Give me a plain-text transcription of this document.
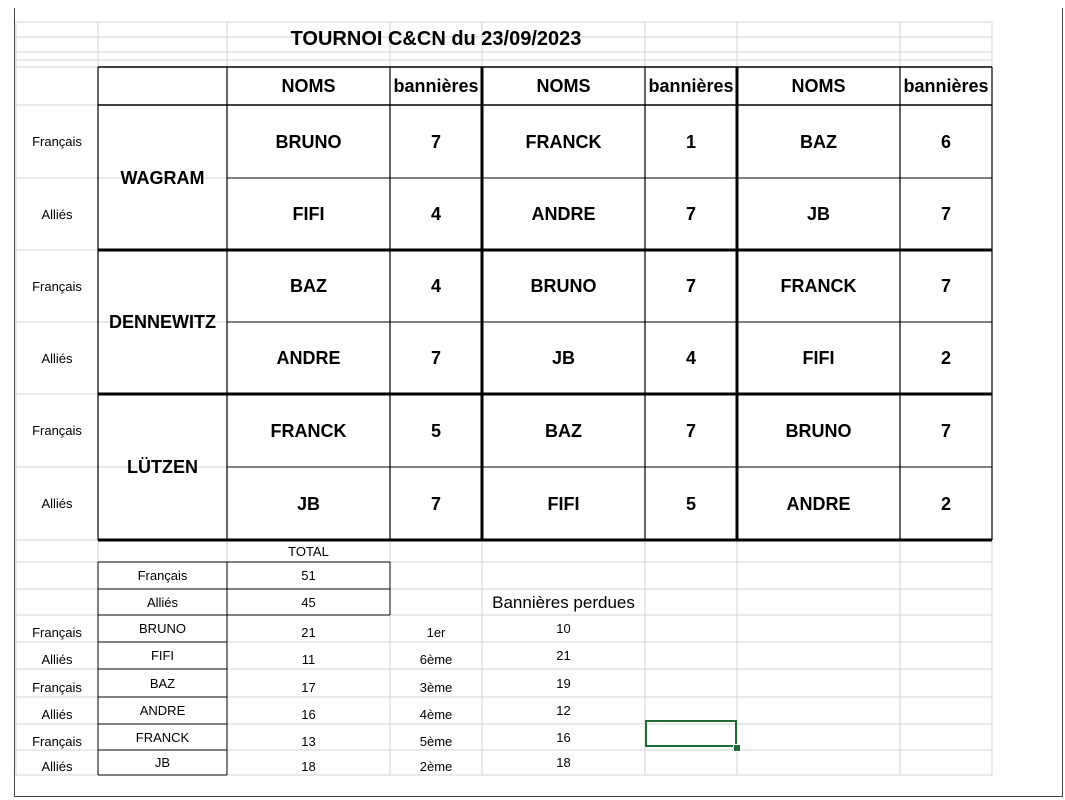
TOURNOI C&CN du 23/09/2023
NOMS	bannières	NOMS	bannières	NOMS	bannières
WAGRAM
Français	BRUNO	7	FRANCK	1	BAZ	6
Alliés	FIFI	4	ANDRE	7	JB	7
DENNEWITZ
Français	BAZ	4	BRUNO	7	FRANCK	7
Alliés	ANDRE	7	JB	4	FIFI	2
LÜTZEN
Français	FRANCK	5	BAZ	7	BRUNO	7
Alliés	JB	7	FIFI	5	ANDRE	2
TOTAL
Français	51
Alliés	45	Bannières perdues
Français	BRUNO	21	1er	10
Alliés	FIFI	11	6ème	21
Français	BAZ	17	3ème	19
Alliés	ANDRE	16	4ème	12
Français	FRANCK	13	5ème	16
Alliés	JB	18	2ème	18
